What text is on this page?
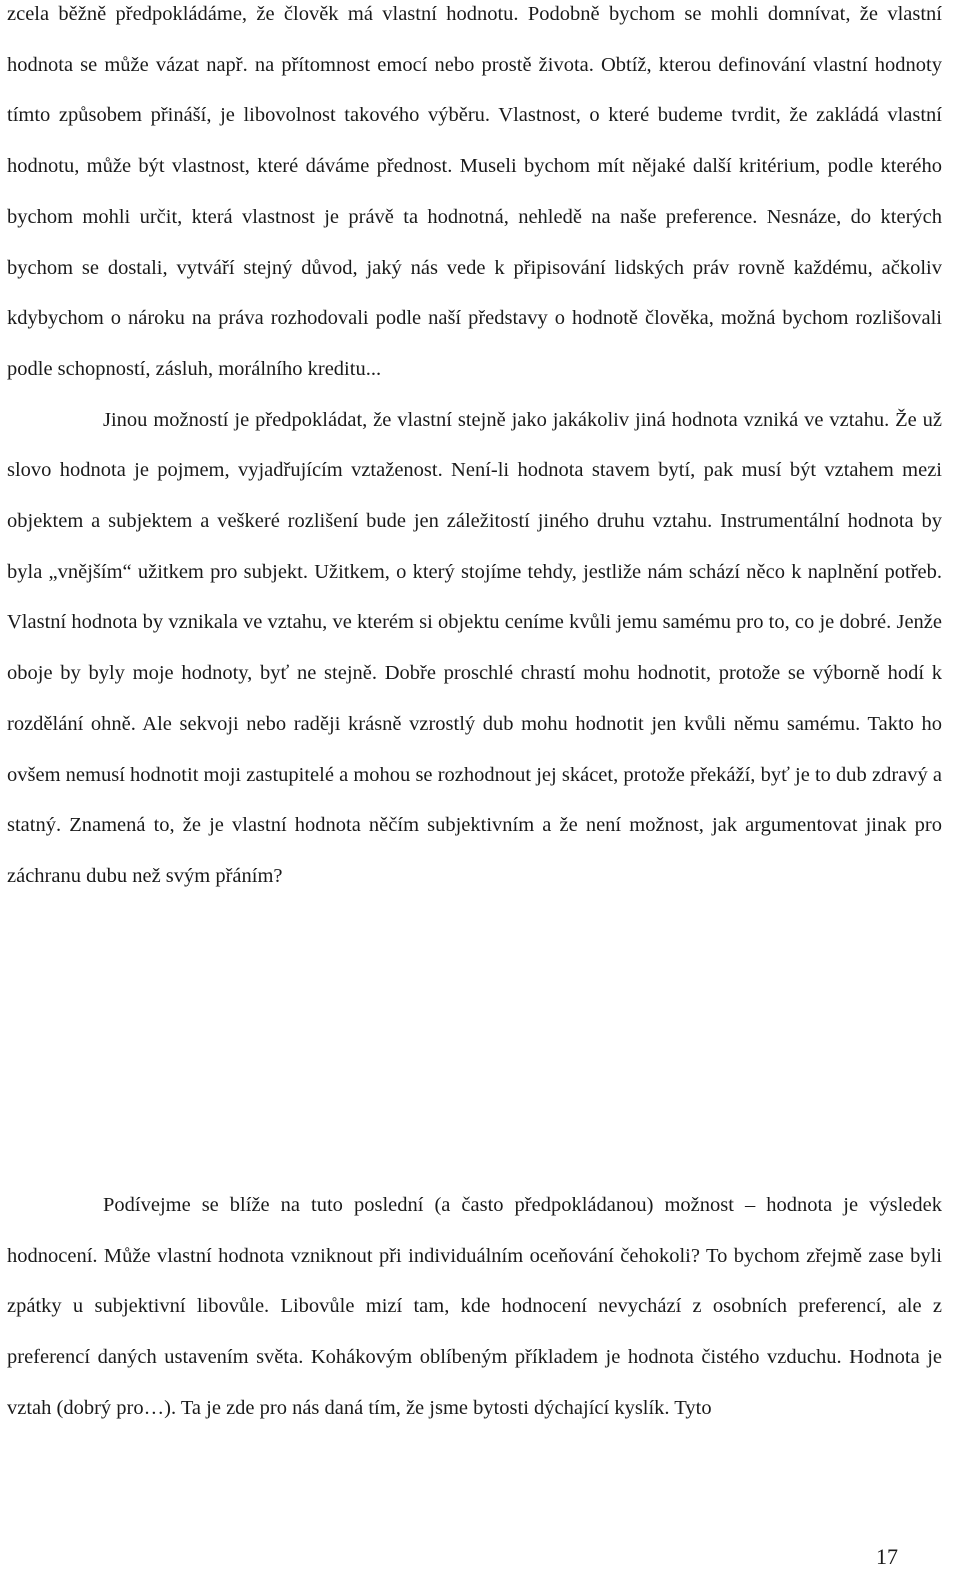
zcela běžně předpokládáme, že člověk má vlastní hodnotu. Podobně bychom se mohli domnívat, že vlastní hodnota se může vázat např. na přítomnost emocí nebo prostě života. Obtíž, kterou definování vlastní hodnoty tímto způsobem přináší, je libovolnost takového výběru. Vlastnost, o které budeme tvrdit, že zakládá vlastní hodnotu, může být vlastnost, které dáváme přednost. Museli bychom mít nějaké další kritérium, podle kterého bychom mohli určit, která vlastnost je právě ta hodnotná, nehledě na naše preference. Nesnáze, do kterých bychom se dostali, vytváří stejný důvod, jaký nás vede k připisování lidských práv rovně každému, ačkoliv kdybychom o nároku na práva rozhodovali podle naší představy o hodnotě člověka, možná bychom rozlišovali podle schopností, zásluh, morálního kreditu...

Jinou možností je předpokládat, že vlastní stejně jako jakákoliv jiná hodnota vzniká ve vztahu. Že už slovo hodnota je pojmem, vyjadřujícím vztaženost. Není-li hodnota stavem bytí, pak musí být vztahem mezi objektem a subjektem a veškeré rozlišení bude jen záležitostí jiného druhu vztahu. Instrumentální hodnota by byla „vnějším“ užitkem pro subjekt. Užitkem, o který stojíme tehdy, jestliže nám schází něco k naplnění potřeb. Vlastní hodnota by vznikala ve vztahu, ve kterém si objektu ceníme kvůli jemu samému pro to, co je dobré. Jenže oboje by byly moje hodnoty, byť ne stejně. Dobře proschlé chrastí mohu hodnotit, protože se výborně hodí k rozdělání ohně. Ale sekvoji nebo raději krásně vzrostlý dub mohu hodnotit jen kvůli němu samému. Takto ho ovšem nemusí hodnotit moji zastupitelé a mohou se rozhodnout jej skácet, protože překáží, byť je to dub zdravý a statný. Znamená to, že je vlastní hodnota něčím subjektivním a že není možnost, jak argumentovat jinak pro záchranu dubu než svým přáním?

Podívejme se blíže na tuto poslední (a často předpokládanou) možnost – hodnota je výsledek hodnocení. Může vlastní hodnota vzniknout při individuálním oceňování čehokoli? To bychom zřejmě zase byli zpátky u subjektivní libovůle. Libovůle mizí tam, kde hodnocení nevychází z osobních preferencí, ale z preferencí daných ustavením světa. Kohákovým oblíbeným příkladem je hodnota čistého vzduchu. Hodnota je vztah (dobrý pro…). Ta je zde pro nás daná tím, že jsme bytosti dýchající kyslík. Tyto

17
